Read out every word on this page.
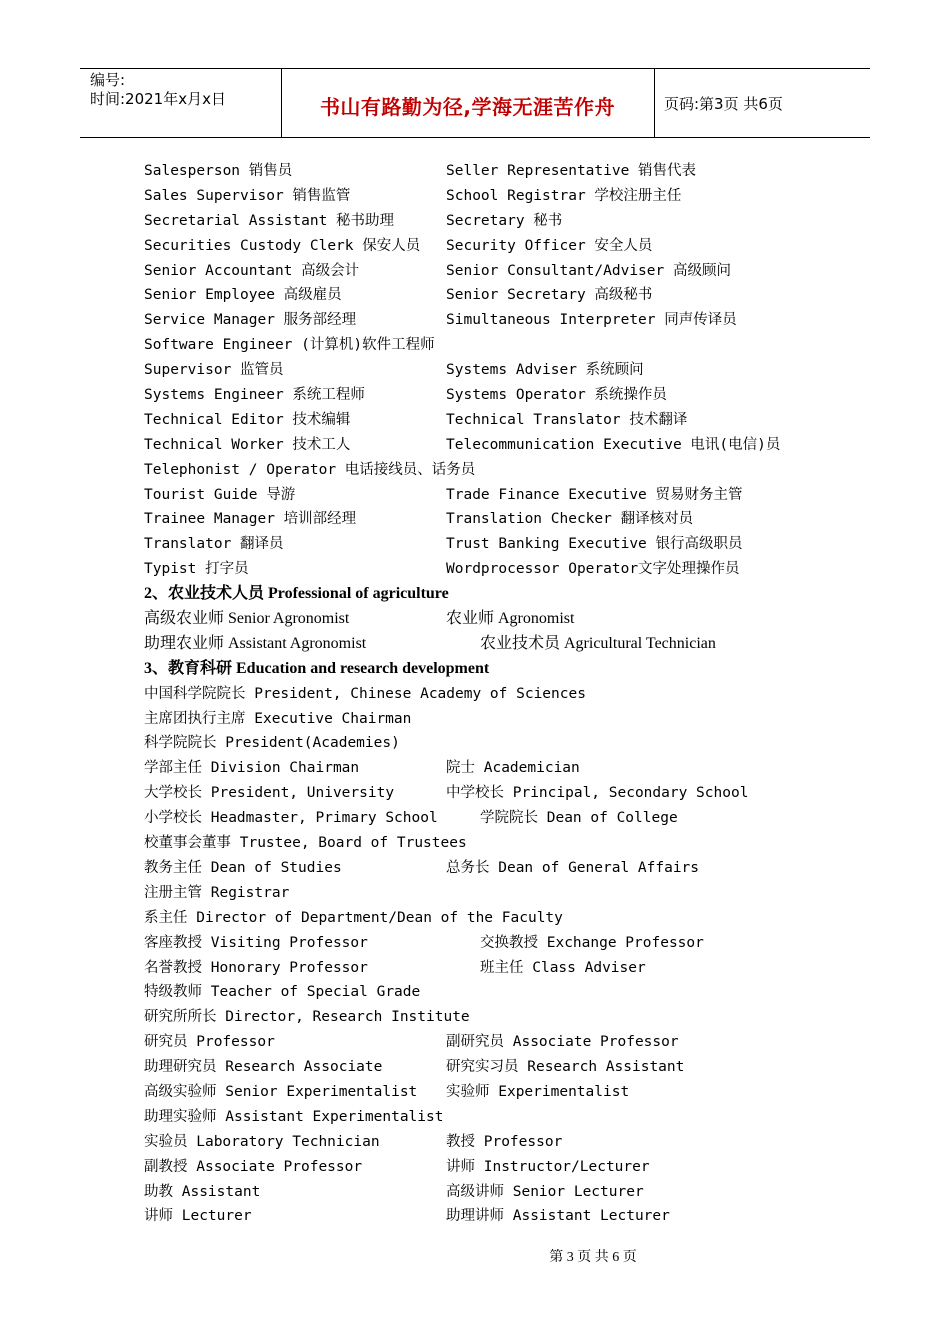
编号:
时间:2021年x月x日	书山有路勤为径,学海无涯苦作舟	页码:第3页 共6页
Salesperson 销售员	Seller Representative 销售代表
Sales Supervisor 销售监管	School Registrar 学校注册主任
Secretarial Assistant 秘书助理	Secretary 秘书
Securities Custody Clerk 保安人员 Security Officer 安全人员
Senior Accountant 高级会计	Senior Consultant/Adviser 高级顾问
Senior Employee 高级雇员	Senior Secretary 高级秘书
Service Manager 服务部经理	Simultaneous Interpreter 同声传译员
Software Engineer (计算机)软件工程师
Supervisor 监管员	Systems Adviser 系统顾问
Systems Engineer 系统工程师	Systems Operator 系统操作员
Technical Editor 技术编辑	Technical Translator 技术翻译
Technical Worker 技术工人	Telecommunication Executive 电讯(电信)员
Telephonist / Operator 电话接线员、话务员
Tourist Guide 导游	Trade Finance Executive 贸易财务主管
Trainee Manager 培训部经理	Translation Checker 翻译核对员
Translator 翻译员	Trust Banking Executive 银行高级职员
Typist 打字员	Wordprocessor Operator文字处理操作员
2、农业技术人员 Professional of agriculture
高级农业师 Senior Agronomist	农业师 Agronomist
助理农业师 Assistant Agronomist	农业技术员 Agricultural Technician
3、教育科研 Education and research development
中国科学院院长 President, Chinese Academy of Sciences
主席团执行主席 Executive Chairman
科学院院长 President(Academies)
学部主任 Division Chairman	院士 Academician
大学校长 President, University	中学校长 Principal, Secondary School
小学校长 Headmaster, Primary School	学院院长 Dean of College
校董事会董事 Trustee, Board of Trustees
教务主任 Dean of Studies	总务长 Dean of General Affairs
注册主管 Registrar
系主任 Director of Department/Dean of the Faculty
客座教授 Visiting Professor	交换教授 Exchange Professor
名誉教授 Honorary Professor	班主任 Class Adviser
特级教师 Teacher of Special Grade
研究所所长 Director, Research Institute
研究员 Professor	副研究员 Associate Professor
助理研究员 Research Associate	研究实习员 Research Assistant
高级实验师 Senior Experimentalist 实验师 Experimentalist
助理实验师 Assistant Experimentalist
实验员 Laboratory Technician	教授 Professor
副教授 Associate Professor	讲师 Instructor/Lecturer
助教 Assistant	高级讲师 Senior Lecturer
讲师 Lecturer	助理讲师 Assistant Lecturer
第 3 页 共 6 页
